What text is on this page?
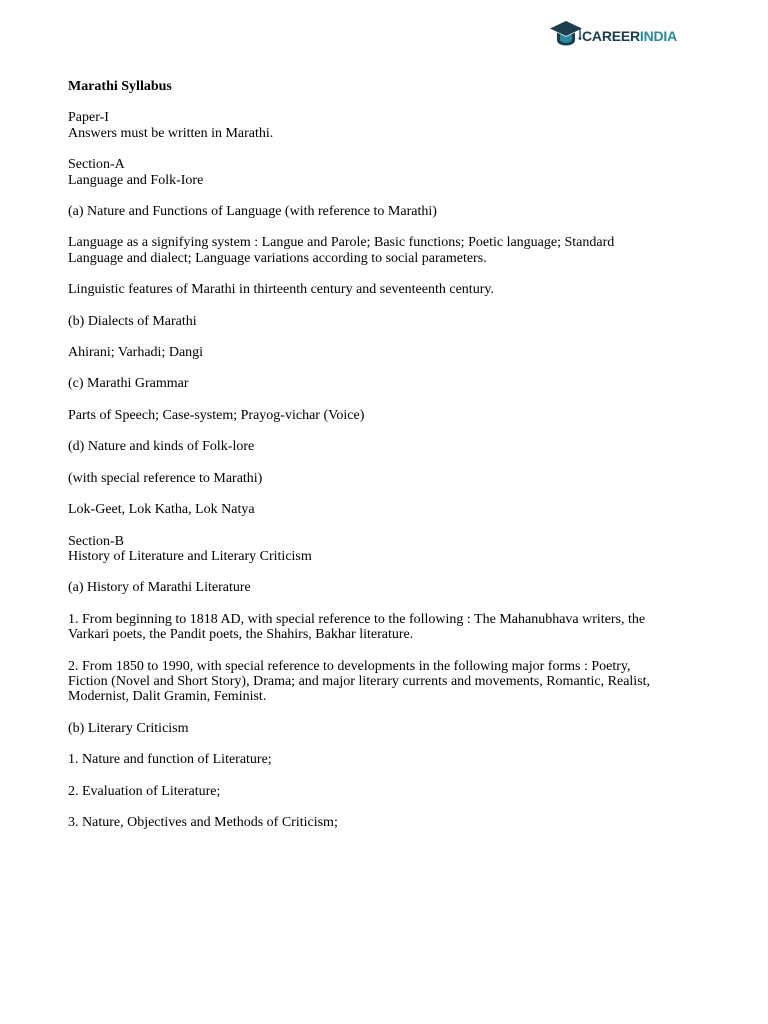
CAREERINDIA

Marathi Syllabus

Paper-I
Answers must be written in Marathi.

Section-A
Language and Folk-Iore

(a) Nature and Functions of Language (with reference to Marathi)

Language as a signifying system : Langue and Parole; Basic functions; Poetic language; Standard Language and dialect; Language variations according to social parameters.

Linguistic features of Marathi in thirteenth century and seventeenth century.

(b) Dialects of Marathi

Ahirani; Varhadi; Dangi

(c) Marathi Grammar

Parts of Speech; Case-system; Prayog-vichar (Voice)

(d) Nature and kinds of Folk-lore

(with special reference to Marathi)

Lok-Geet, Lok Katha, Lok Natya

Section-B
History of Literature and Literary Criticism

(a) History of Marathi Literature

1. From beginning to 1818 AD, with special reference to the following : The Mahanubhava writers, the Varkari poets, the Pandit poets, the Shahirs, Bakhar literature.

2. From 1850 to 1990, with special reference to developments in the following major forms : Poetry, Fiction (Novel and Short Story), Drama; and major literary currents and movements, Romantic, Realist, Modernist, Dalit Gramin, Feminist.

(b) Literary Criticism

1. Nature and function of Literature;

2. Evaluation of Literature;

3. Nature, Objectives and Methods of Criticism;
